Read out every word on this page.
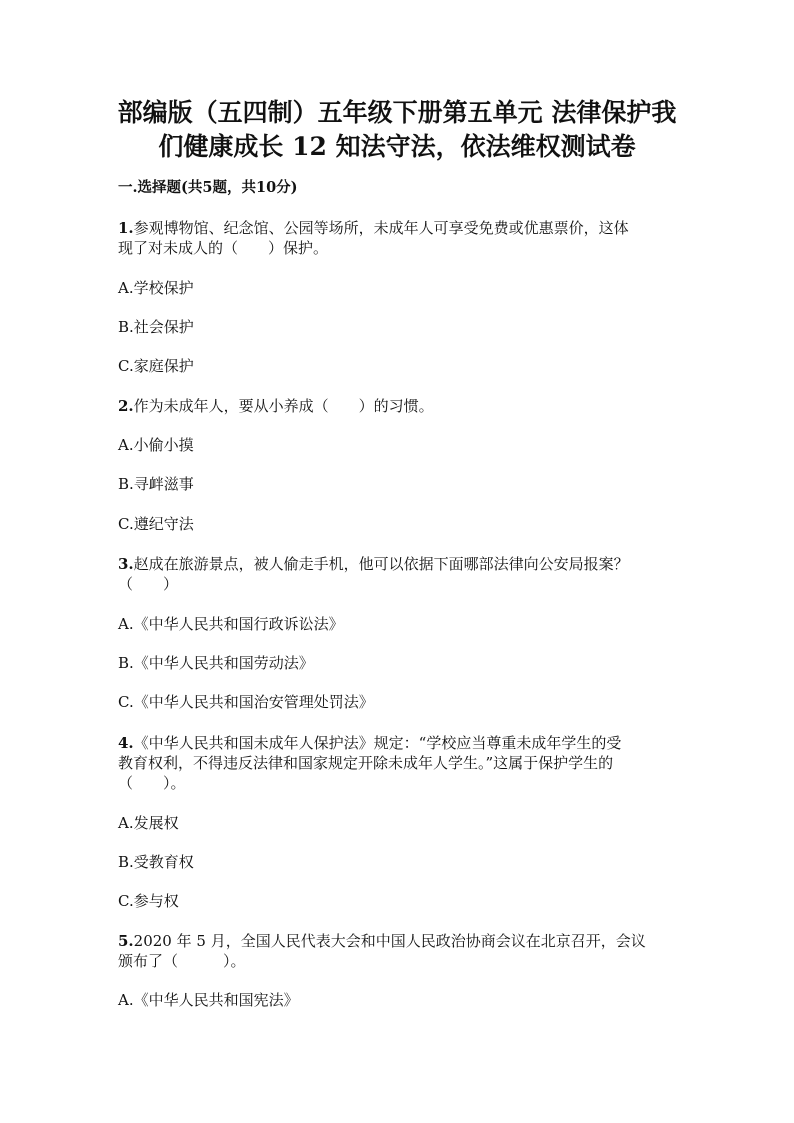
部编版（五四制）五年级下册第五单元 法律保护我
们健康成长 12 知法守法，依法维权测试卷
一.选择题(共5题，共10分)

1.参观博物馆、纪念馆、公园等场所，未成年人可享受免费或优惠票价，这体
现了对未成人的（　　）保护。

A.学校保护
B.社会保护
C.家庭保护

2.作为未成年人，要从小养成（　　）的习惯。

A.小偷小摸
B.寻衅滋事
C.遵纪守法

3.赵成在旅游景点，被人偷走手机，他可以依据下面哪部法律向公安局报案？
（　　）

A.《中华人民共和国行政诉讼法》
B.《中华人民共和国劳动法》
C.《中华人民共和国治安管理处罚法》

4.《中华人民共和国未成年人保护法》规定：“学校应当尊重未成年学生的受
教育权利，不得违反法律和国家规定开除未成年人学生。”这属于保护学生的
（　　）。

A.发展权
B.受教育权
C.参与权

5.2020 年 5 月，全国人民代表大会和中国人民政治协商会议在北京召开，会议
颁布了（　　　）。

A.《中华人民共和国宪法》
